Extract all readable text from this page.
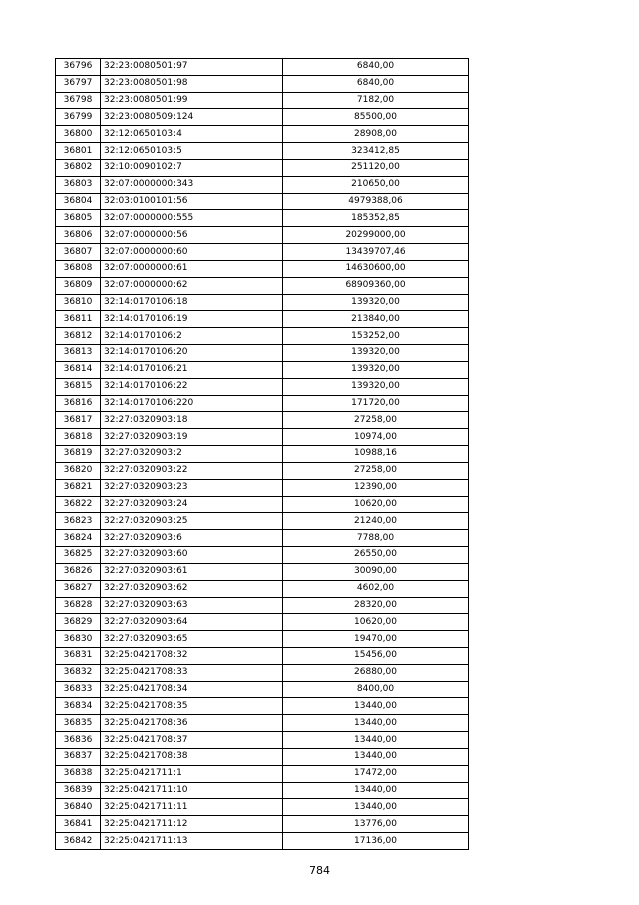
36796	32:23:0080501:97	6840,00
36797	32:23:0080501:98	6840,00
36798	32:23:0080501:99	7182,00
36799	32:23:0080509:124	85500,00
36800	32:12:0650103:4	28908,00
36801	32:12:0650103:5	323412,85
36802	32:10:0090102:7	251120,00
36803	32:07:0000000:343	210650,00
36804	32:03:0100101:56	4979388,06
36805	32:07:0000000:555	185352,85
36806	32:07:0000000:56	20299000,00
36807	32:07:0000000:60	13439707,46
36808	32:07:0000000:61	14630600,00
36809	32:07:0000000:62	68909360,00
36810	32:14:0170106:18	139320,00
36811	32:14:0170106:19	213840,00
36812	32:14:0170106:2	153252,00
36813	32:14:0170106:20	139320,00
36814	32:14:0170106:21	139320,00
36815	32:14:0170106:22	139320,00
36816	32:14:0170106:220	171720,00
36817	32:27:0320903:18	27258,00
36818	32:27:0320903:19	10974,00
36819	32:27:0320903:2	10988,16
36820	32:27:0320903:22	27258,00
36821	32:27:0320903:23	12390,00
36822	32:27:0320903:24	10620,00
36823	32:27:0320903:25	21240,00
36824	32:27:0320903:6	7788,00
36825	32:27:0320903:60	26550,00
36826	32:27:0320903:61	30090,00
36827	32:27:0320903:62	4602,00
36828	32:27:0320903:63	28320,00
36829	32:27:0320903:64	10620,00
36830	32:27:0320903:65	19470,00
36831	32:25:0421708:32	15456,00
36832	32:25:0421708:33	26880,00
36833	32:25:0421708:34	8400,00
36834	32:25:0421708:35	13440,00
36835	32:25:0421708:36	13440,00
36836	32:25:0421708:37	13440,00
36837	32:25:0421708:38	13440,00
36838	32:25:0421711:1	17472,00
36839	32:25:0421711:10	13440,00
36840	32:25:0421711:11	13440,00
36841	32:25:0421711:12	13776,00
36842	32:25:0421711:13	17136,00
784
